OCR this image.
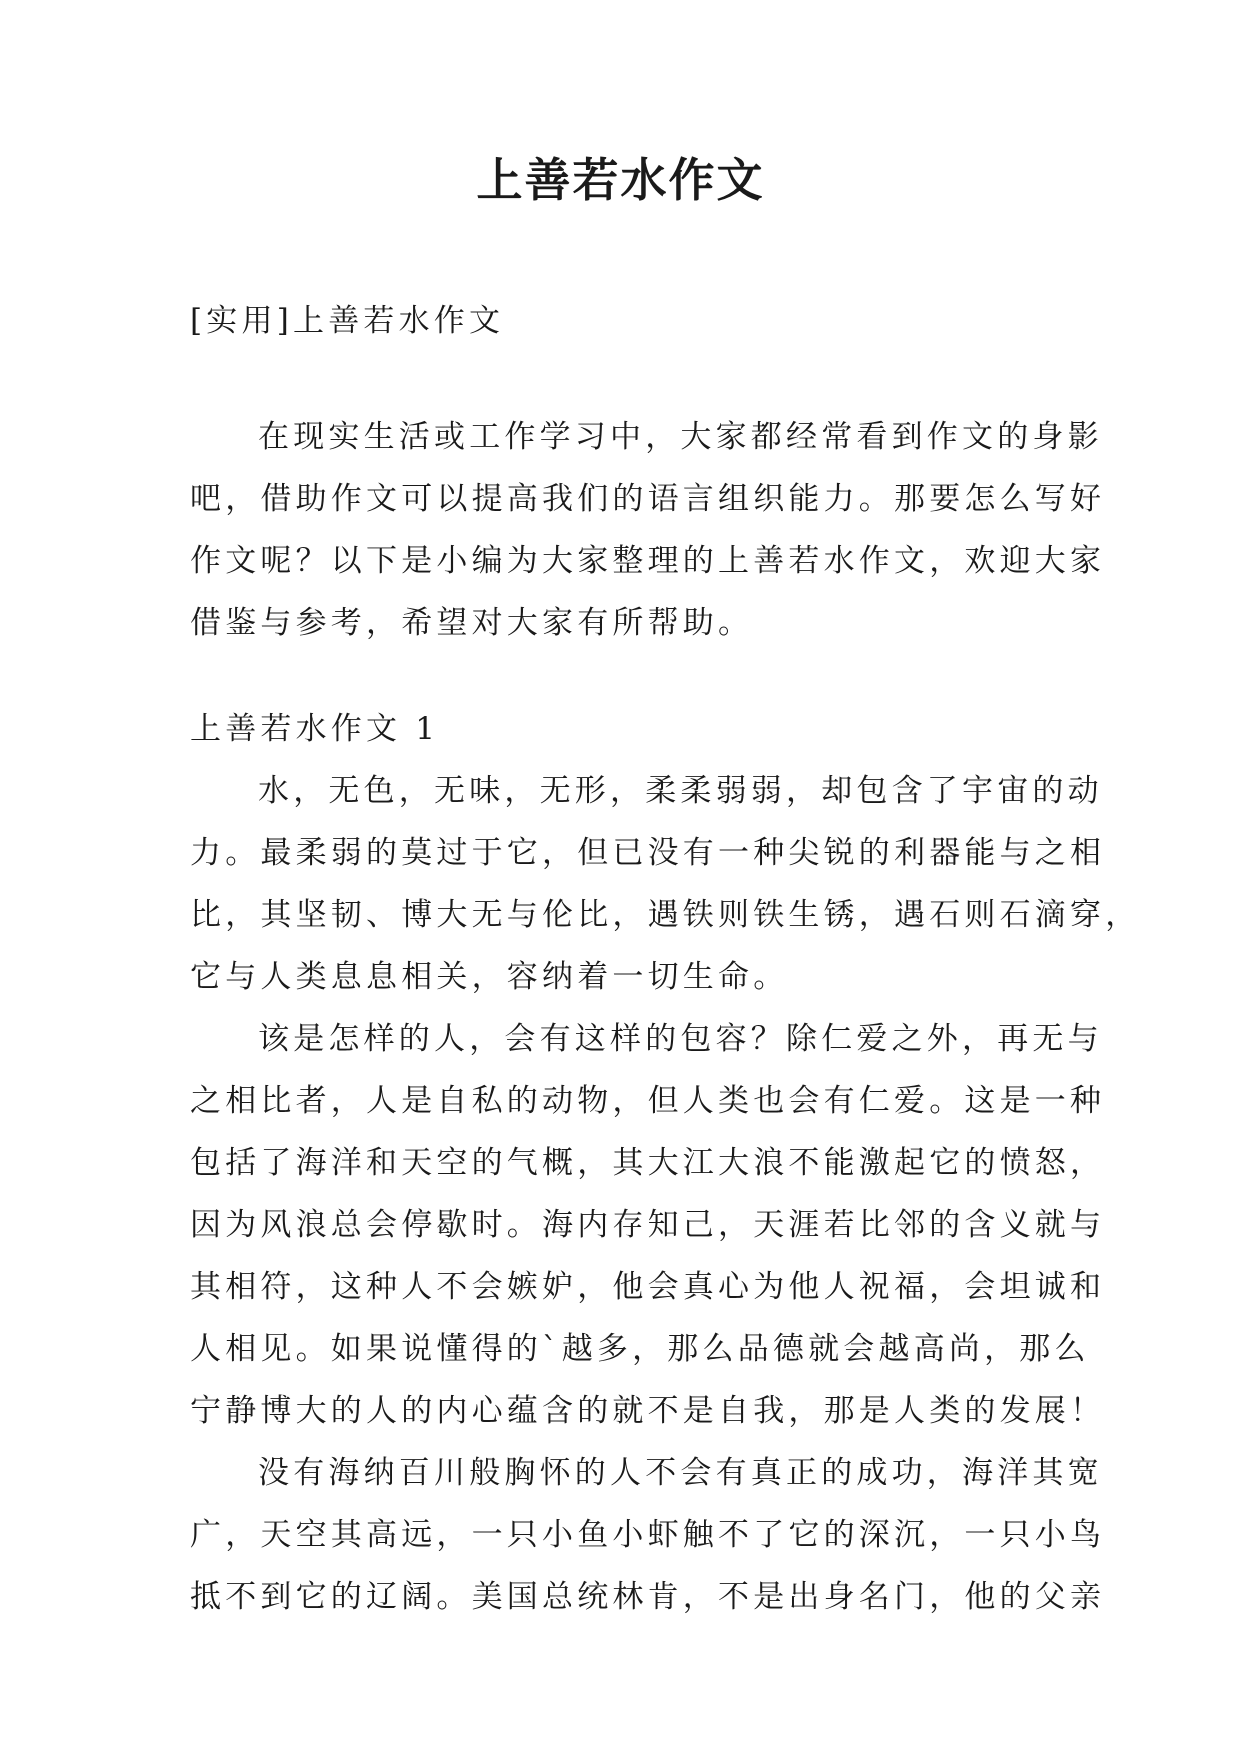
上善若水作文
[实用]上善若水作文
在现实生活或工作学习中，大家都经常看到作文的身影
吧，借助作文可以提高我们的语言组织能力。那要怎么写好
作文呢？以下是小编为大家整理的上善若水作文，欢迎大家
借鉴与参考，希望对大家有所帮助。
上善若水作文 1
水，无色，无味，无形，柔柔弱弱，却包含了宇宙的动
力。最柔弱的莫过于它，但已没有一种尖锐的利器能与之相
比，其坚韧、博大无与伦比，遇铁则铁生锈，遇石则石滴穿，
它与人类息息相关，容纳着一切生命。
该是怎样的人，会有这样的包容？除仁爱之外，再无与
之相比者，人是自私的动物，但人类也会有仁爱。这是一种
包括了海洋和天空的气概，其大江大浪不能激起它的愤怒，
因为风浪总会停歇时。海内存知己，天涯若比邻的含义就与
其相符，这种人不会嫉妒，他会真心为他人祝福，会坦诚和
人相见。如果说懂得的`越多，那么品德就会越高尚，那么
宁静博大的人的内心蕴含的就不是自我，那是人类的发展！
没有海纳百川般胸怀的人不会有真正的成功，海洋其宽
广，天空其高远，一只小鱼小虾触不了它的深沉，一只小鸟
抵不到它的辽阔。美国总统林肯，不是出身名门，他的父亲
